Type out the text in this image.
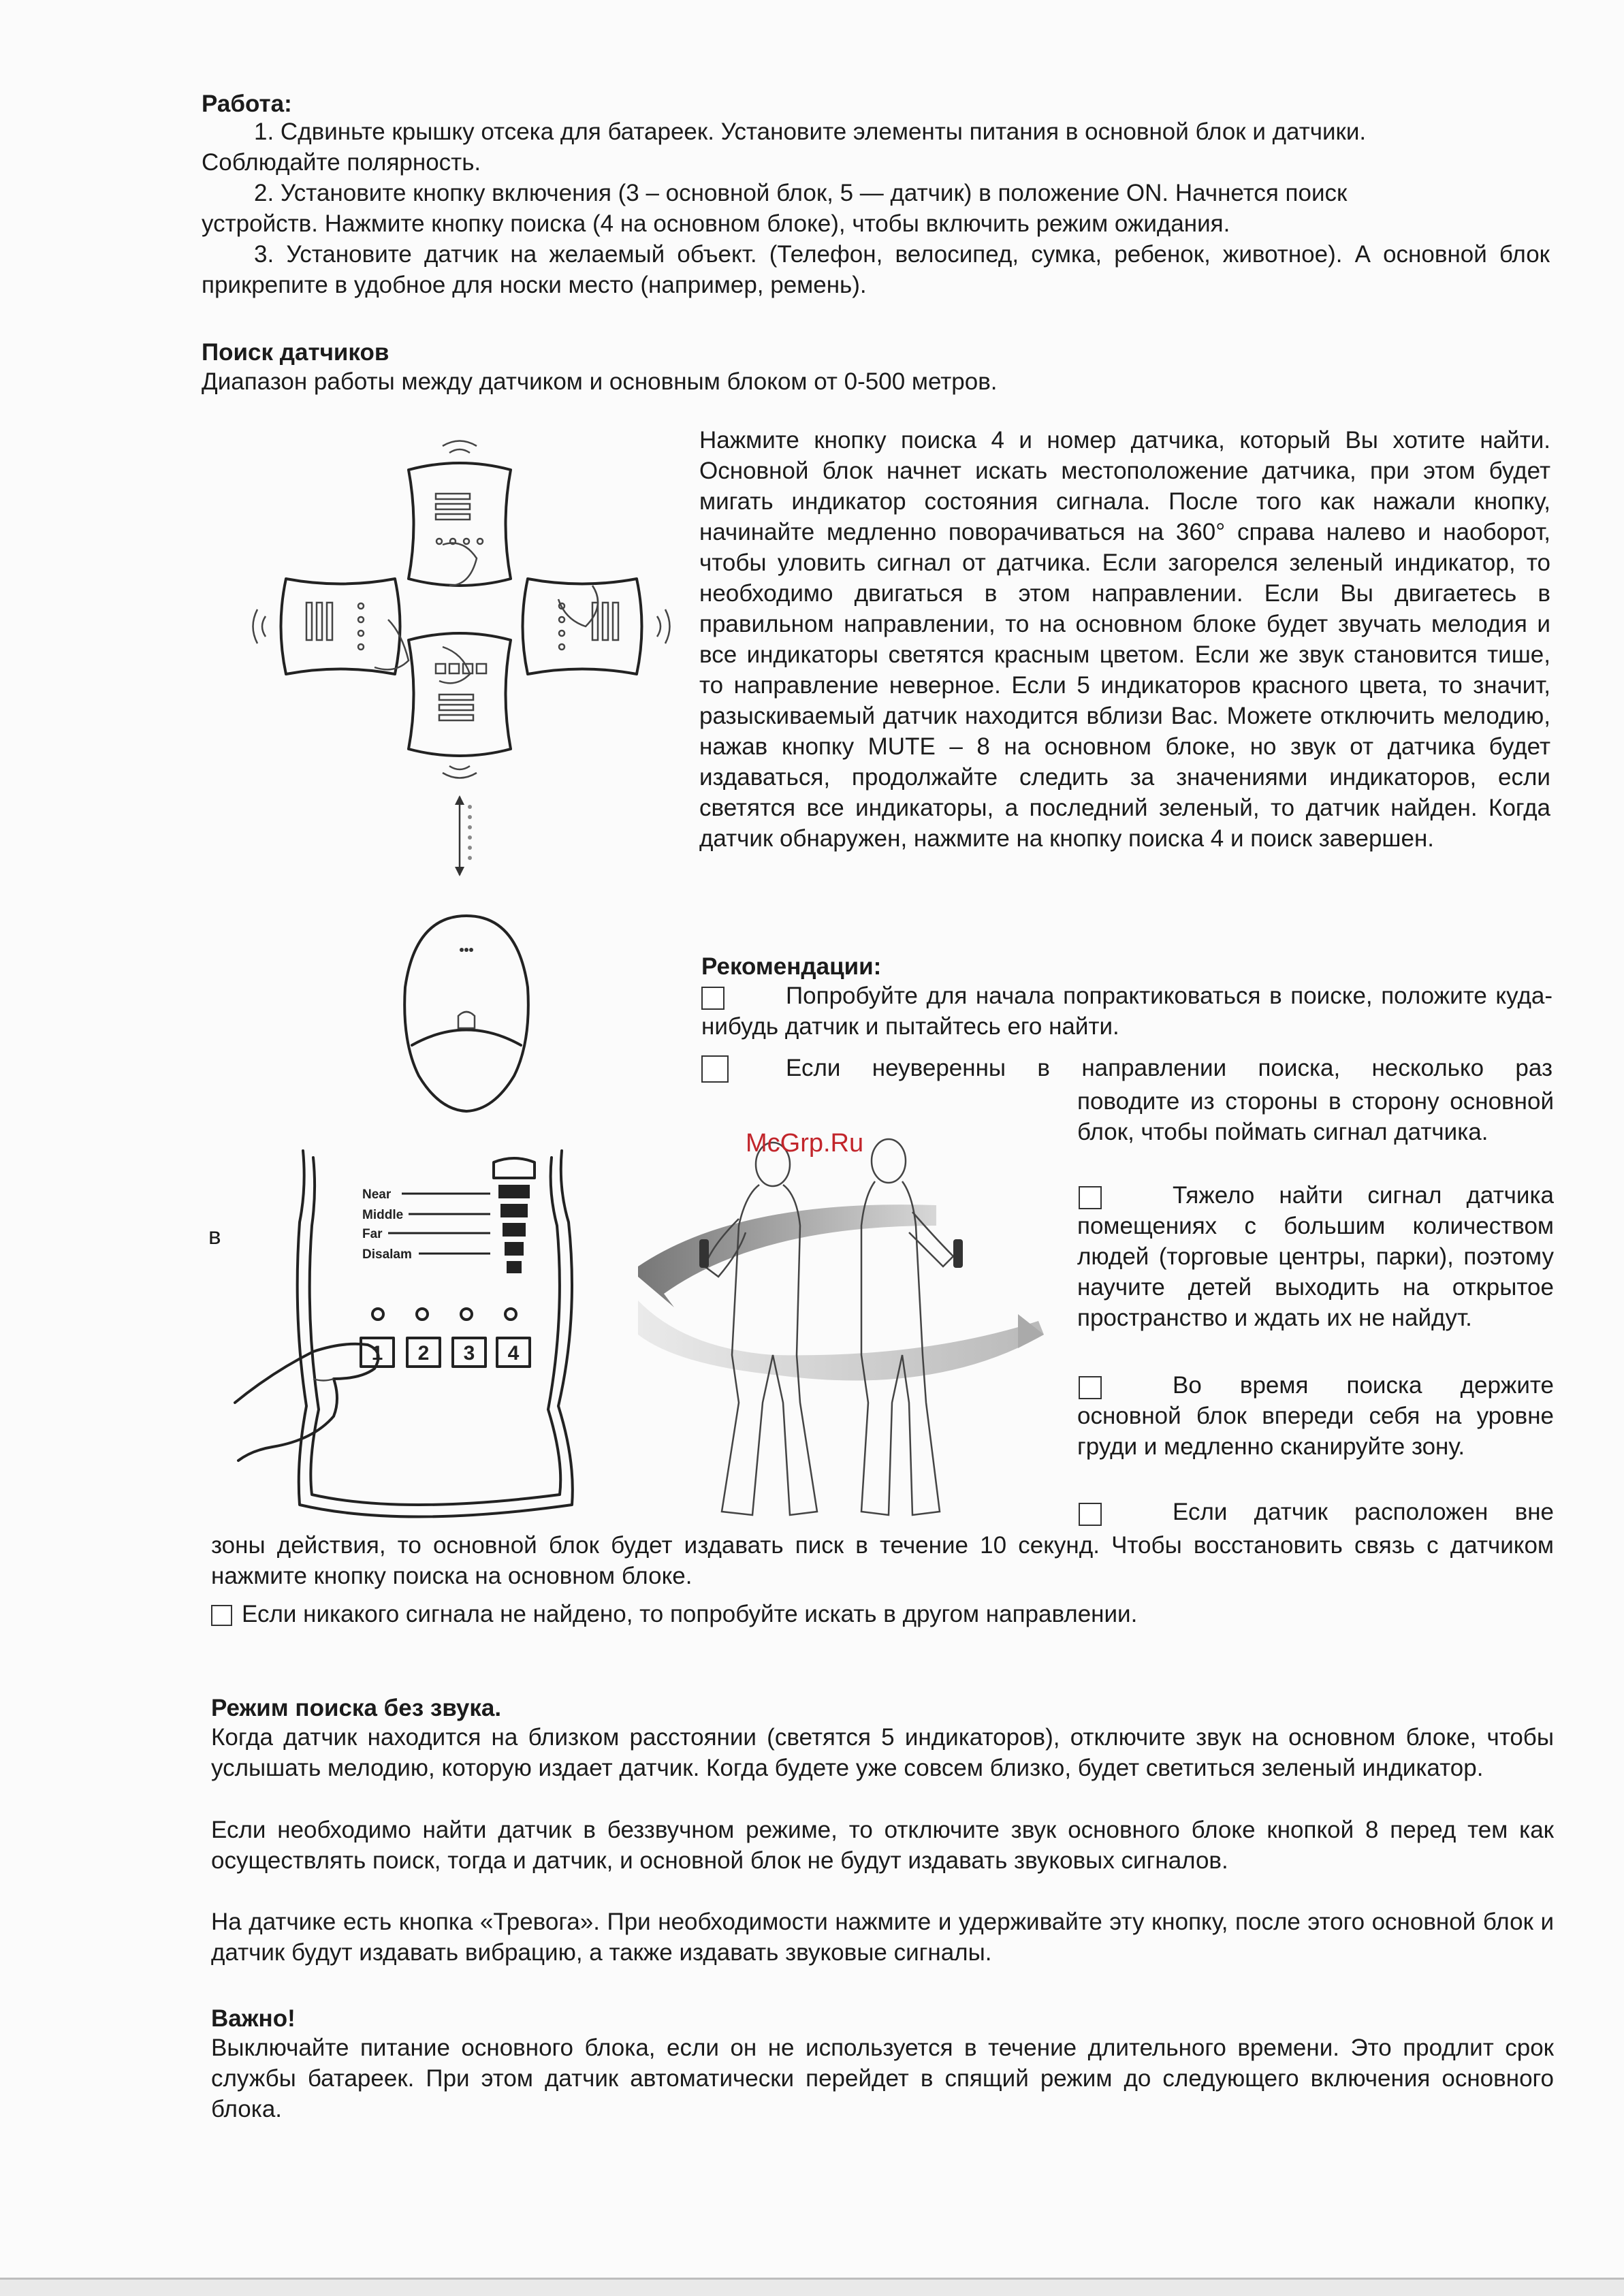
Работа:

1. Сдвиньте крышку отсека для батареек. Установите элементы питания в основной блок и датчики.

Соблюдайте полярность.

2. Установите кнопку включения (3 – основной блок, 5 — датчик) в положение ON. Начнется поиск

устройств. Нажмите кнопку поиска (4 на основном блоке), чтобы включить режим ожидания.

3. Установите датчик на желаемый объект. (Телефон, велосипед, сумка, ребенок, животное). А основной блок прикрепите в удобное для носки место (например, ремень).

Поиск датчиков

Диапазон работы между датчиком и основным блоком от 0-500 метров.

Нажмите кнопку поиска 4 и номер датчика, который Вы хотите найти. Основной блок начнет искать местоположение датчика, при этом будет мигать индикатор состояния сигнала. После того как нажали кнопку, начинайте медленно поворачиваться на 360° справа налево и наоборот, чтобы уловить сигнал от датчика. Если загорелся зеленый индикатор, то необходимо двигаться в этом направлении. Если Вы двигаетесь в правильном направлении, то на основном блоке будет звучать мелодия и все индикаторы светятся красным цветом. Если же звук становится тише, то направление неверное. Если 5 индикаторов красного цвета, то значит, разыскиваемый датчик находится вблизи Вас. Можете отключить мелодию, нажав кнопку MUTE – 8 на основном блоке, но звук от датчика будет издаваться, продолжайте следить за значениями индикаторов, если светятся все индикаторы, а последний зеленый, то датчик найден. Когда датчик обнаружен, нажмите на кнопку поиска 4 и поиск завершен.

в

Near
Middle
Far
Disalam
1 2 3 4
McGrp.Ru

Рекомендации:

Попробуйте для начала попрактиковаться в поиске, положите куда-нибудь датчик и пытайтесь его найти.

Если неуверенны в направлении поиска, несколько раз

поводите из стороны в сторону основной блок, чтобы поймать сигнал датчика.

Тяжело найти сигнал датчика помещениях с большим количеством людей (торговые центры, парки), поэтому научите детей выходить на открытое пространство и ждать их не найдут.

Во время поиска держите основной блок впереди себя на уровне груди и медленно сканируйте зону.

Если датчик расположен вне

зоны действия, то основной блок будет издавать писк в течение 10 секунд. Чтобы восстановить связь с датчиком нажмите кнопку поиска на основном блоке.

Если никакого сигнала не найдено, то попробуйте искать в другом направлении.

Режим поиска без звука.

Когда датчик находится на близком расстоянии (светятся 5 индикаторов), отключите звук на основном блоке, чтобы услышать мелодию, которую издает датчик. Когда будете уже совсем близко, будет светиться зеленый индикатор.

Если необходимо найти датчик в беззвучном режиме, то отключите звук основного блоке кнопкой 8 перед тем как осуществлять поиск, тогда и датчик, и основной блок не будут издавать звуковых сигналов.

На датчике есть кнопка «Тревога». При необходимости нажмите и удерживайте эту кнопку, после этого основной блок и датчик будут издавать вибрацию, а также издавать звуковые сигналы.

Важно!

Выключайте питание основного блока, если он не используется в течение длительного времени. Это продлит срок службы батареек. При этом датчик автоматически перейдет в спящий режим до следующего включения основного блока.
